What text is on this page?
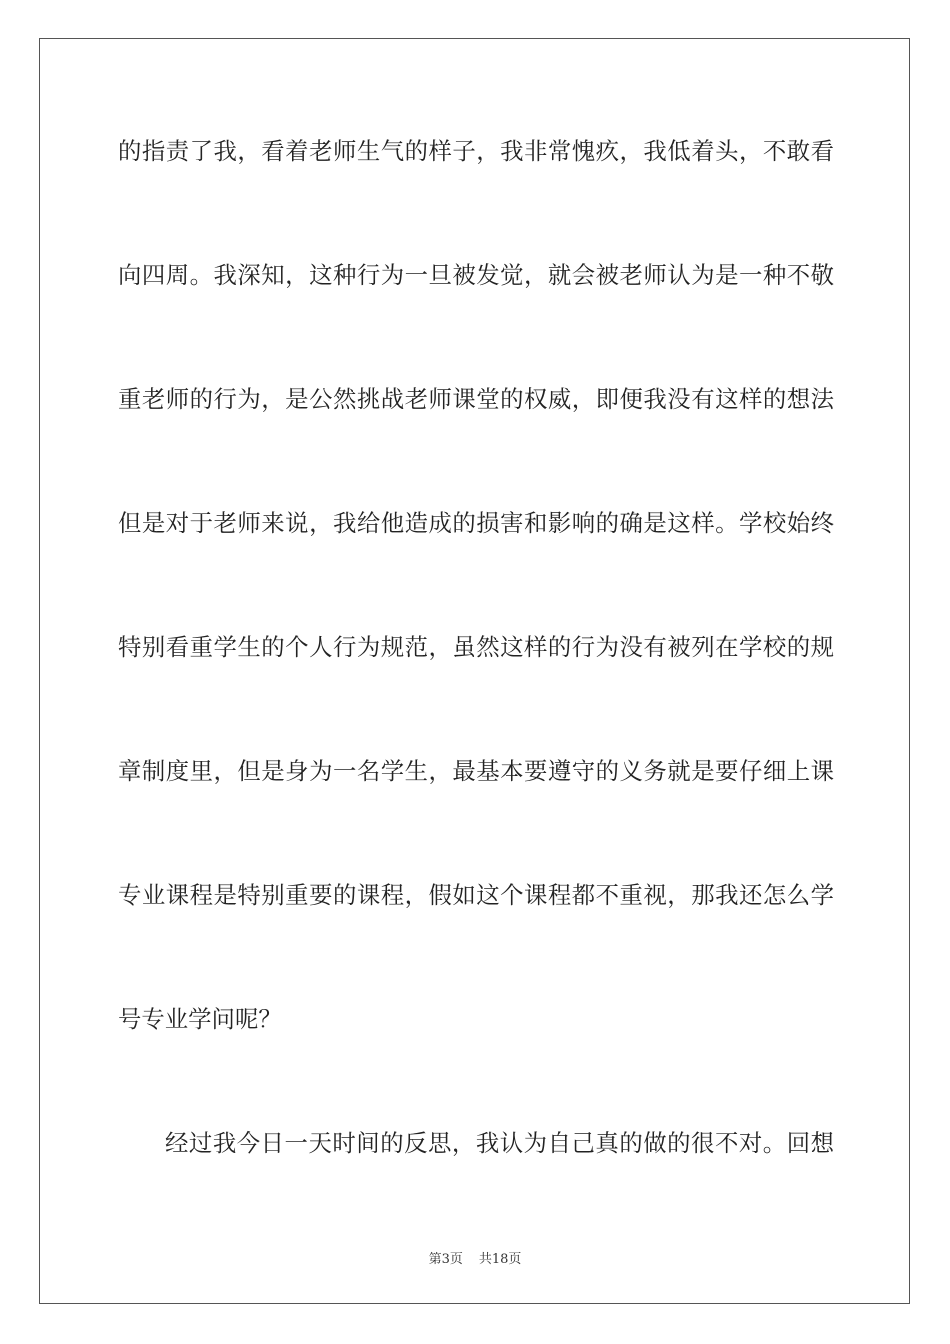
的指责了我，看着老师生气的样子，我非常愧疚，我低着头，不敢看
向四周。我深知，这种行为一旦被发觉，就会被老师认为是一种不敬
重老师的行为，是公然挑战老师课堂的权威，即便我没有这样的想法
但是对于老师来说，我给他造成的损害和影响的确是这样。学校始终
特别看重学生的个人行为规范，虽然这样的行为没有被列在学校的规
章制度里，但是身为一名学生，最基本要遵守的义务就是要仔细上课
专业课程是特别重要的课程，假如这个课程都不重视，那我还怎么学
号专业学问呢？
经过我今日一天时间的反思，我认为自己真的做的很不对。回想
第3页 共18页
